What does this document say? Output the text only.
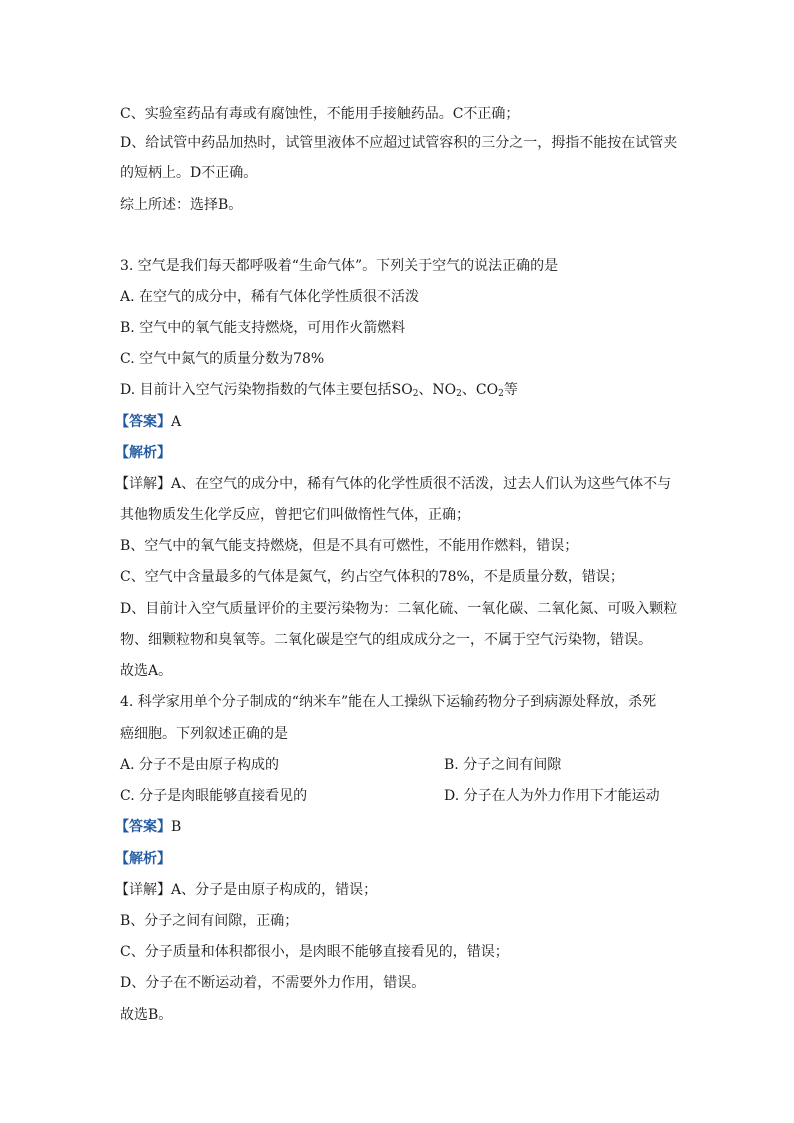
C、实验室药品有毒或有腐蚀性，不能用手接触药品。C不正确；
D、给试管中药品加热时，试管里液体不应超过试管容积的三分之一，拇指不能按在试管夹
的短柄上。D不正确。
综上所述：选择B。
3. 空气是我们每天都呼吸着“生命气体”。下列关于空气的说法正确的是
A. 在空气的成分中，稀有气体化学性质很不活泼
B. 空气中的氧气能支持燃烧，可用作火箭燃料
C. 空气中氮气的质量分数为78%
D. 目前计入空气污染物指数的气体主要包括$SO_2$、$NO_2$、$CO_2$等
【答案】A
【解析】
【详解】A、在空气的成分中，稀有气体的化学性质很不活泼，过去人们认为这些气体不与
其他物质发生化学反应，曾把它们叫做惰性气体，正确；
B、空气中的氧气能支持燃烧，但是不具有可燃性，不能用作燃料，错误；
C、空气中含量最多的气体是氮气，约占空气体积的78%，不是质量分数，错误；
D、目前计入空气质量评价的主要污染物为：二氧化硫、一氧化碳、二氧化氮、可吸入颗粒
物、细颗粒物和臭氧等。二氧化碳是空气的组成成分之一，不属于空气污染物，错误。
故选A。
4. 科学家用单个分子制成的“纳米车”能在人工操纵下运输药物分子到病源处释放，杀死
癌细胞。下列叙述正确的是
A. 分子不是由原子构成的	B. 分子之间有间隙
C. 分子是肉眼能够直接看见的	D. 分子在人为外力作用下才能运动
【答案】B
【解析】
【详解】A、分子是由原子构成的，错误；
B、分子之间有间隙，正确；
C、分子质量和体积都很小，是肉眼不能够直接看见的，错误；
D、分子在不断运动着，不需要外力作用，错误。
故选B。
